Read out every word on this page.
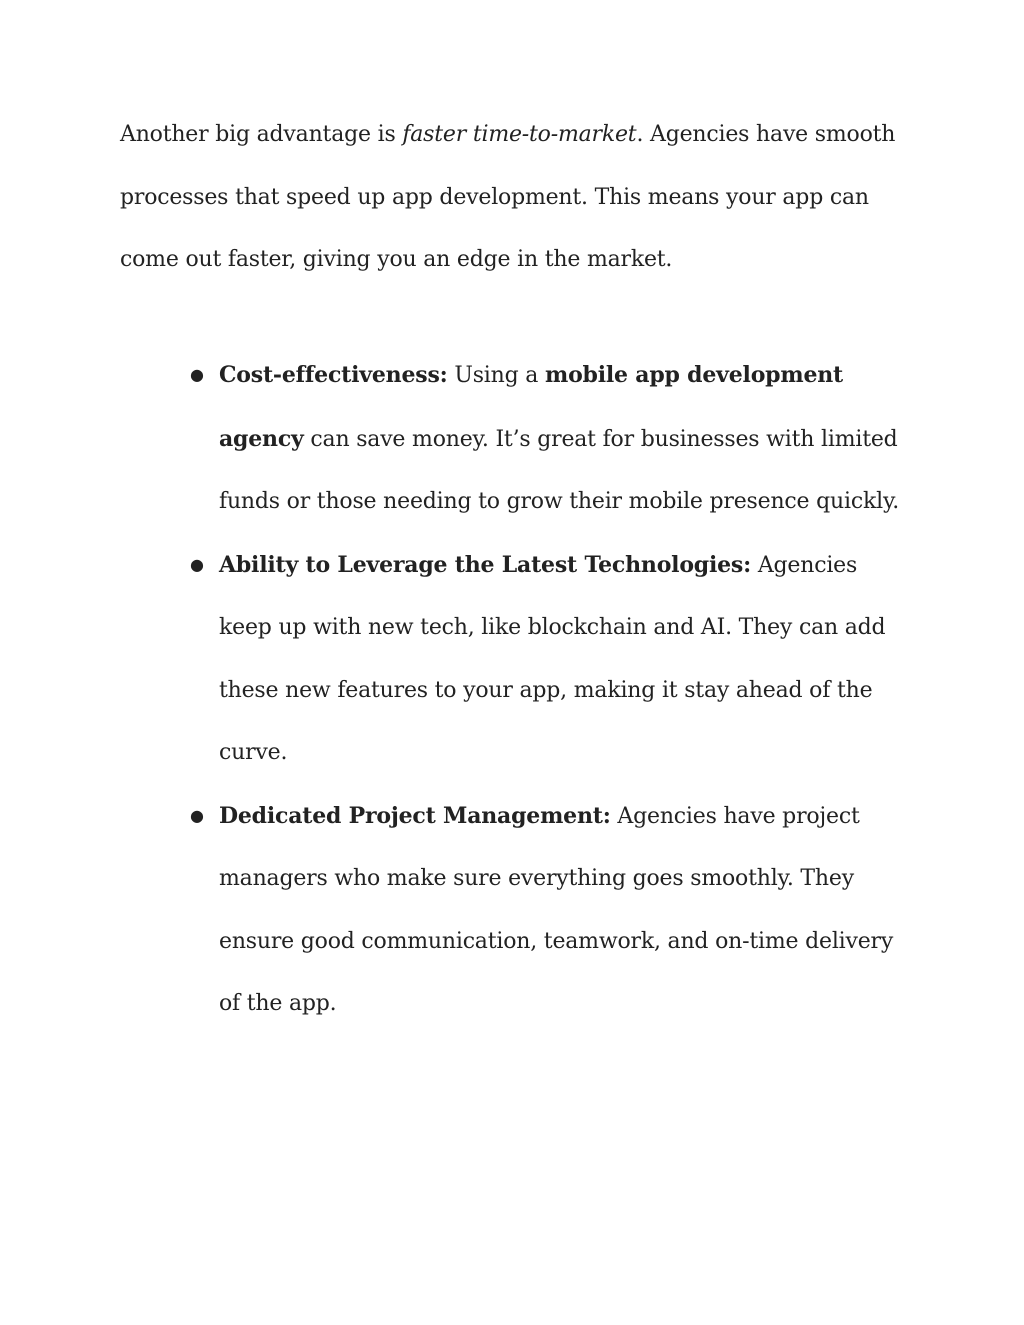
Another big advantage is faster time-to-market. Agencies have smooth processes that speed up app development. This means your app can come out faster, giving you an edge in the market.

● Cost-effectiveness: Using a mobile app development agency can save money. It’s great for businesses with limited funds or those needing to grow their mobile presence quickly.
● Ability to Leverage the Latest Technologies: Agencies keep up with new tech, like blockchain and AI. They can add these new features to your app, making it stay ahead of the curve.
● Dedicated Project Management: Agencies have project managers who make sure everything goes smoothly. They ensure good communication, teamwork, and on-time delivery of the app.
